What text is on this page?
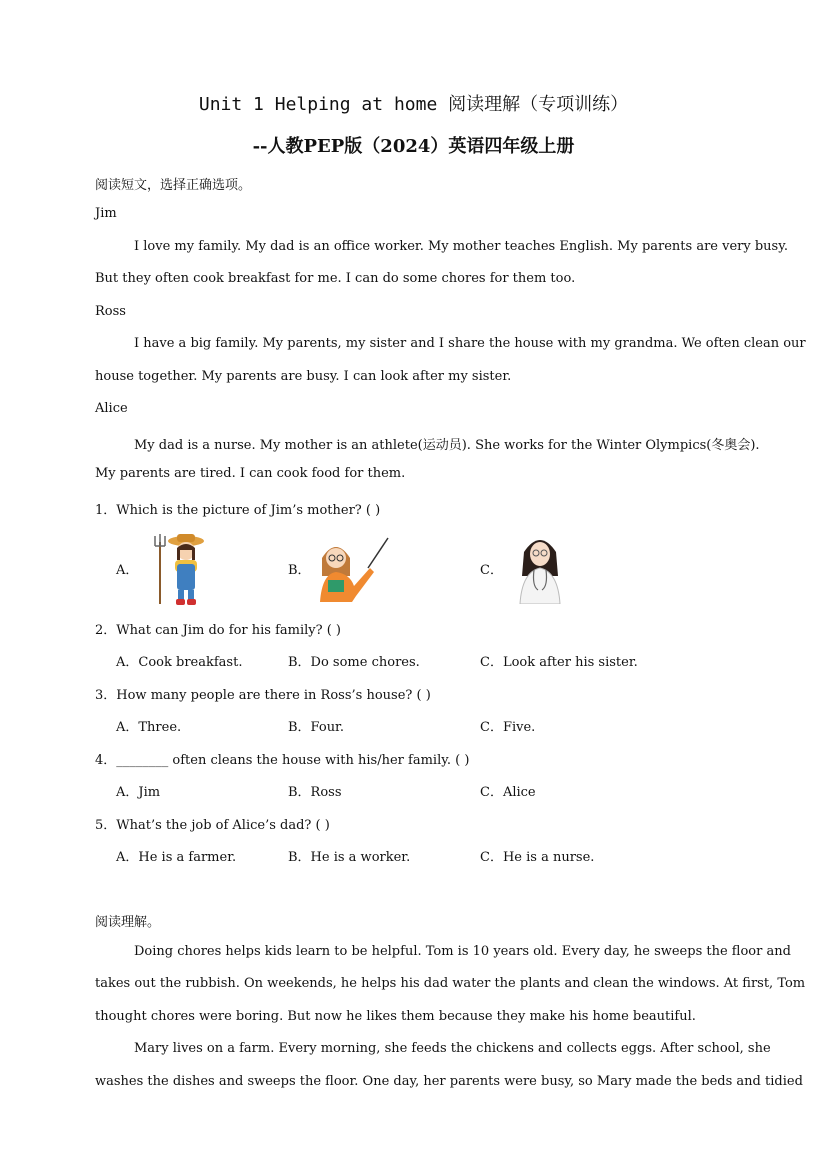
Unit 1 Helping at home 阅读理解（专项训练）
--人教PEP版（2024）英语四年级上册
阅读短文，选择正确选项。
Jim
I love my family. My dad is an office worker. My mother teaches English. My parents are very busy.
But they often cook breakfast for me. I can do some chores for them too.
Ross
I have a big family. My parents, my sister and I share the house with my grandma. We often clean our
house together. My parents are busy. I can look after my sister.
Alice
My dad is a nurse. My mother is an athlete(运动员). She works for the Winter Olympics(冬奥会).
My parents are tired. I can cook food for them.
1．Which is the picture of Jim’s mother? ( )
A．	B．	C．
2．What can Jim do for his family? ( )
A．Cook breakfast.	B．Do some chores.	C．Look after his sister.
3．How many people are there in Ross’s house? ( )
A．Three.	B．Four.	C．Five.
4．________ often cleans the house with his/her family. ( )
A．Jim	B．Ross	C．Alice
5．What’s the job of Alice’s dad? ( )
A．He is a farmer.	B．He is a worker.	C．He is a nurse.
阅读理解。
Doing chores helps kids learn to be helpful. Tom is 10 years old. Every day, he sweeps the floor and
takes out the rubbish. On weekends, he helps his dad water the plants and clean the windows. At first, Tom
thought chores were boring. But now he likes them because they make his home beautiful.
Mary lives on a farm. Every morning, she feeds the chickens and collects eggs. After school, she
washes the dishes and sweeps the floor. One day, her parents were busy, so Mary made the beds and tidied
